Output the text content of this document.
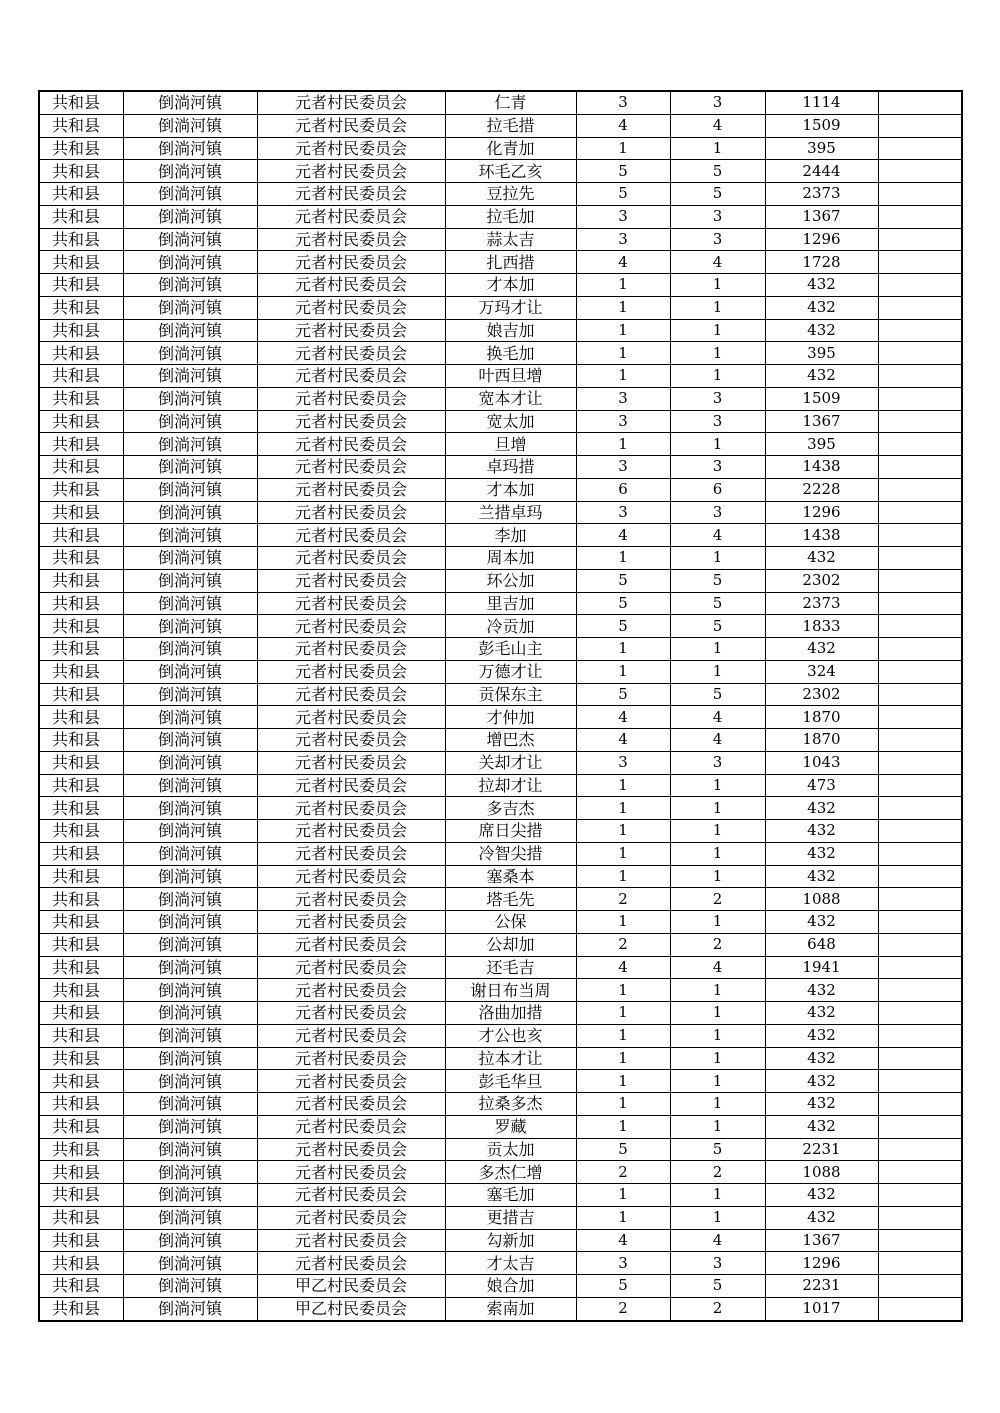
共和县	倒淌河镇	元者村民委员会	仁青	3	3	1114	
共和县	倒淌河镇	元者村民委员会	拉毛措	4	4	1509	
共和县	倒淌河镇	元者村民委员会	化青加	1	1	395	
共和县	倒淌河镇	元者村民委员会	环毛乙亥	5	5	2444	
共和县	倒淌河镇	元者村民委员会	豆拉先	5	5	2373	
共和县	倒淌河镇	元者村民委员会	拉毛加	3	3	1367	
共和县	倒淌河镇	元者村民委员会	蒜太吉	3	3	1296	
共和县	倒淌河镇	元者村民委员会	扎西措	4	4	1728	
共和县	倒淌河镇	元者村民委员会	才本加	1	1	432	
共和县	倒淌河镇	元者村民委员会	万玛才让	1	1	432	
共和县	倒淌河镇	元者村民委员会	娘吉加	1	1	432	
共和县	倒淌河镇	元者村民委员会	换毛加	1	1	395	
共和县	倒淌河镇	元者村民委员会	叶西旦增	1	1	432	
共和县	倒淌河镇	元者村民委员会	宽本才让	3	3	1509	
共和县	倒淌河镇	元者村民委员会	宽太加	3	3	1367	
共和县	倒淌河镇	元者村民委员会	旦增	1	1	395	
共和县	倒淌河镇	元者村民委员会	卓玛措	3	3	1438	
共和县	倒淌河镇	元者村民委员会	才本加	6	6	2228	
共和县	倒淌河镇	元者村民委员会	兰措卓玛	3	3	1296	
共和县	倒淌河镇	元者村民委员会	李加	4	4	1438	
共和县	倒淌河镇	元者村民委员会	周本加	1	1	432	
共和县	倒淌河镇	元者村民委员会	环公加	5	5	2302	
共和县	倒淌河镇	元者村民委员会	里吉加	5	5	2373	
共和县	倒淌河镇	元者村民委员会	冷贡加	5	5	1833	
共和县	倒淌河镇	元者村民委员会	彭毛山主	1	1	432	
共和县	倒淌河镇	元者村民委员会	万德才让	1	1	324	
共和县	倒淌河镇	元者村民委员会	贡保东主	5	5	2302	
共和县	倒淌河镇	元者村民委员会	才仲加	4	4	1870	
共和县	倒淌河镇	元者村民委员会	增巴杰	4	4	1870	
共和县	倒淌河镇	元者村民委员会	关却才让	3	3	1043	
共和县	倒淌河镇	元者村民委员会	拉却才让	1	1	473	
共和县	倒淌河镇	元者村民委员会	多吉杰	1	1	432	
共和县	倒淌河镇	元者村民委员会	席日尖措	1	1	432	
共和县	倒淌河镇	元者村民委员会	冷智尖措	1	1	432	
共和县	倒淌河镇	元者村民委员会	塞桑本	1	1	432	
共和县	倒淌河镇	元者村民委员会	塔毛先	2	2	1088	
共和县	倒淌河镇	元者村民委员会	公保	1	1	432	
共和县	倒淌河镇	元者村民委员会	公却加	2	2	648	
共和县	倒淌河镇	元者村民委员会	还毛吉	4	4	1941	
共和县	倒淌河镇	元者村民委员会	谢日布当周	1	1	432	
共和县	倒淌河镇	元者村民委员会	洛曲加措	1	1	432	
共和县	倒淌河镇	元者村民委员会	才公也亥	1	1	432	
共和县	倒淌河镇	元者村民委员会	拉本才让	1	1	432	
共和县	倒淌河镇	元者村民委员会	彭毛华旦	1	1	432	
共和县	倒淌河镇	元者村民委员会	拉桑多杰	1	1	432	
共和县	倒淌河镇	元者村民委员会	罗藏	1	1	432	
共和县	倒淌河镇	元者村民委员会	贡太加	5	5	2231	
共和县	倒淌河镇	元者村民委员会	多杰仁增	2	2	1088	
共和县	倒淌河镇	元者村民委员会	塞毛加	1	1	432	
共和县	倒淌河镇	元者村民委员会	更措吉	1	1	432	
共和县	倒淌河镇	元者村民委员会	勾新加	4	4	1367	
共和县	倒淌河镇	元者村民委员会	才太吉	3	3	1296	
共和县	倒淌河镇	甲乙村民委员会	娘合加	5	5	2231	
共和县	倒淌河镇	甲乙村民委员会	索南加	2	2	1017	
